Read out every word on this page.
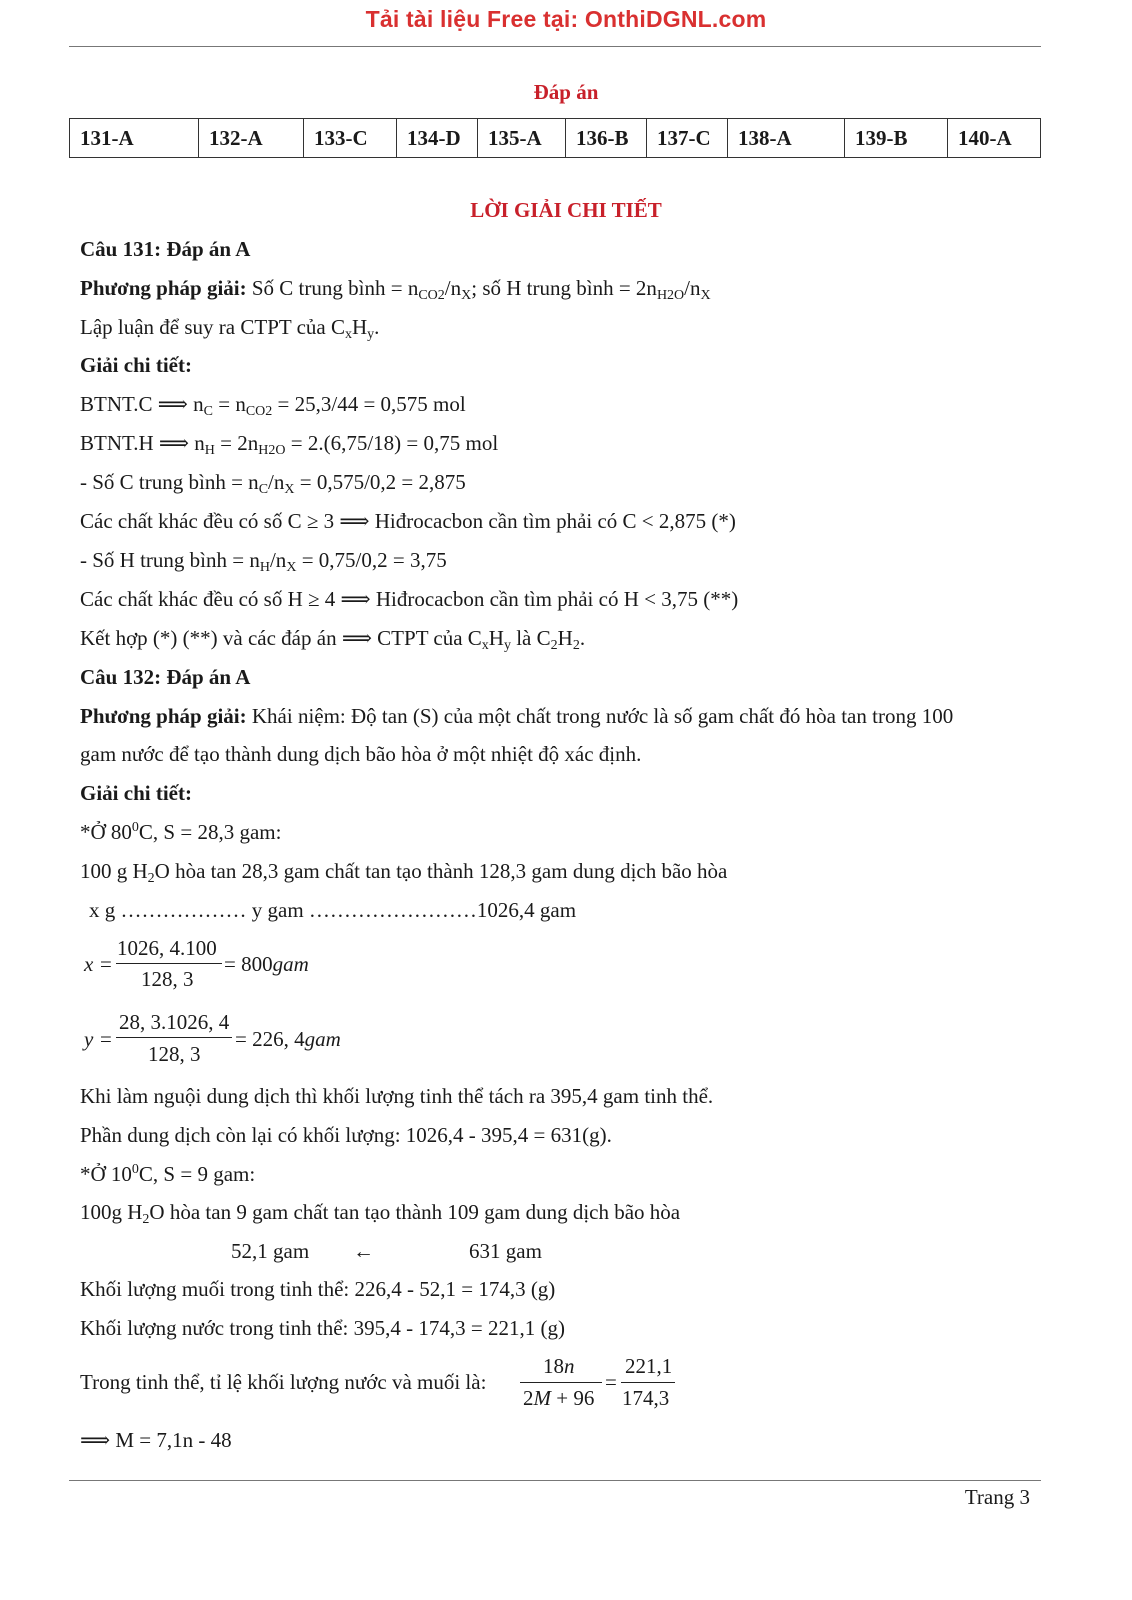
Tải tài liệu Free tại: OnthiDGNL.com
Đáp án
131-A	132-A	133-C	134-D	135-A	136-B	137-C	138-A	139-B	140-A
LỜI GIẢI CHI TIẾT
Câu 131: Đáp án A
Phương pháp giải: Số C trung bình = $n_{CO2}/n_X$; số H trung bình = $2n_{H2O}/n_X$
Lập luận để suy ra CTPT của $C_xH_y$.
Giải chi tiết:
BTNT.C ⟹ $n_C = n_{CO2} = 25,3/44 = 0,575$ mol
BTNT.H ⟹ $n_H = 2n_{H2O} = 2.(6,75/18) = 0,75$ mol
- Số C trung bình = $n_C/n_X = 0,575/0,2 = 2,875$
Các chất khác đều có số C ≥ 3 ⟹ Hiđrocacbon cần tìm phải có C < 2,875 (*)
- Số H trung bình = $n_H/n_X = 0,75/0,2 = 3,75$
Các chất khác đều có số H ≥ 4 ⟹ Hiđrocacbon cần tìm phải có H < 3,75 (**)
Kết hợp (*) (**) và các đáp án ⟹ CTPT của $C_xH_y$ là $C_2H_2$.
Câu 132: Đáp án A
Phương pháp giải: Khái niệm: Độ tan (S) của một chất trong nước là số gam chất đó hòa tan trong 100
gam nước để tạo thành dung dịch bão hòa ở một nhiệt độ xác định.
Giải chi tiết:
*Ở $80^0C$, S = 28,3 gam:
100 g $H_2O$ hòa tan 28,3 gam chất tan tạo thành 128,3 gam dung dịch bão hòa
x g ……………… y gam ……………………1026,4 gam
x =
1026, 4.100
128, 3
= 800gam
y =
28, 3.1026, 4
128, 3
= 226, 4gam
Khi làm nguội dung dịch thì khối lượng tinh thể tách ra 395,4 gam tinh thể.
Phần dung dịch còn lại có khối lượng: 1026,4 - 395,4 = 631(g).
*Ở $10^0C$, S = 9 gam:
100g $H_2O$ hòa tan 9 gam chất tan tạo thành 109 gam dung dịch bão hòa
52,1 gam ←	631 gam
Khối lượng muối trong tinh thể: 226,4 - 52,1 = 174,3 (g)
Khối lượng nước trong tinh thể: 395,4 - 174,3 = 221,1 (g)
Trong tinh thể, tỉ lệ khối lượng nước và muối là:
18n
2M + 96
=
221,1
174,3
⟹ M = 7,1n - 48
Trang 3
